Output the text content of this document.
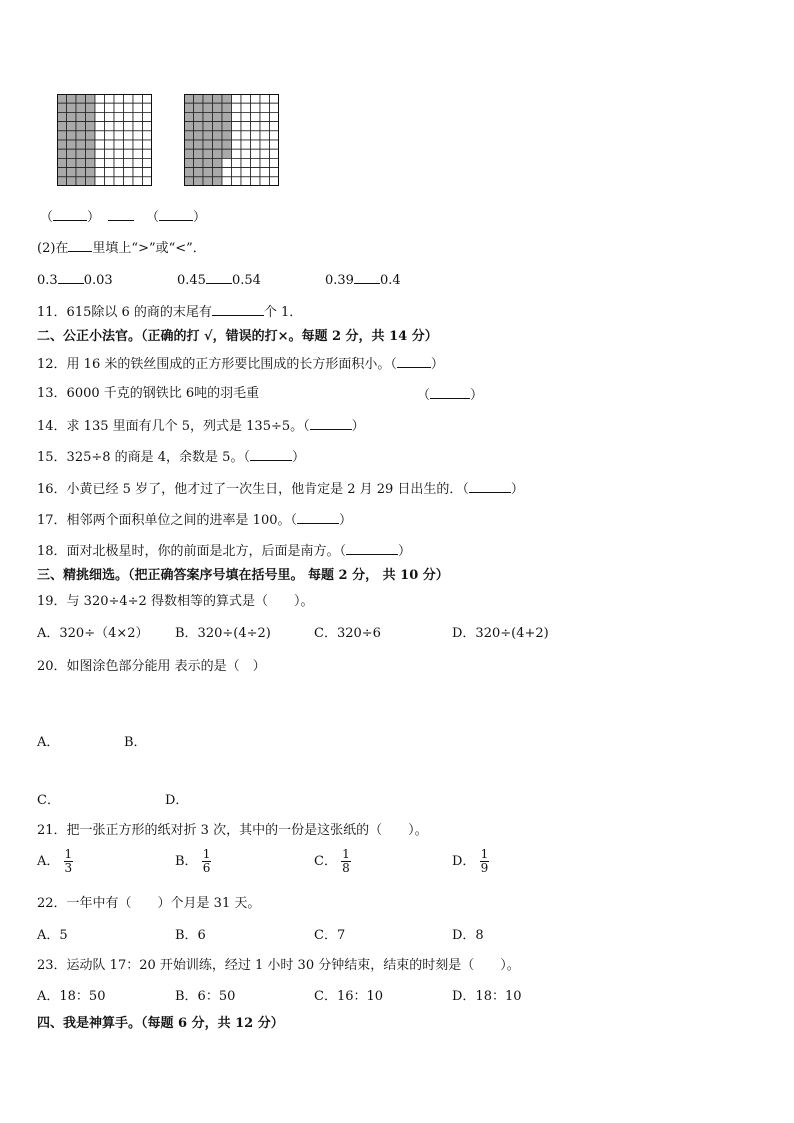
（	）	（	）
(2)在 里填上“>”或“<”．
0.3 0.03	0.45 0.54	0.39 0.4
11．615除以 6 的商的末尾有	个 1．
二、公正小法官。（正确的打 √，错误的打×。每题 2 分，共 14 分）
12．用 16 米的铁丝围成的正方形要比围成的长方形面积小。（	）
13．6000 千克的钢铁比 6吨的羽毛重	（	）
14．求 135 里面有几个 5，列式是 135÷5。（	）
15．325÷8 的商是 4，余数是 5。（	）
16．小黄已经 5 岁了，他才过了一次生日，他肯定是 2 月 29 日出生的．（	）
17．相邻两个面积单位之间的进率是 100。（	）
18．面对北极星时，你的前面是北方，后面是南方。（	）
三、精挑细选。（把正确答案序号填在括号里。 每题 2 分， 共 10 分）
19．与 320÷4÷2 得数相等的算式是（　　）。
A．320÷（4×2） B．320÷(4÷2)	C．320÷6	D．320÷(4+2)
20．如图涂色部分能用 表示的是（　）
A．	B．
C．	D．
21．把一张正方形的纸对折 3 次，其中的一份是这张纸的（　　）。
A． $\frac{1}{3}$	B． $\frac{1}{6}$	C． $\frac{1}{8}$	D． $\frac{1}{9}$
22．一年中有（　　）个月是 31 天。
A．5	B．6	C．7	D．8
23．运动队 17：20 开始训练，经过 1 小时 30 分钟结束，结束的时刻是（　　）。
A．18：50	B．6：50	C．16：10	D．18：10
四、我是神算手。（每题 6 分，共 12 分）
